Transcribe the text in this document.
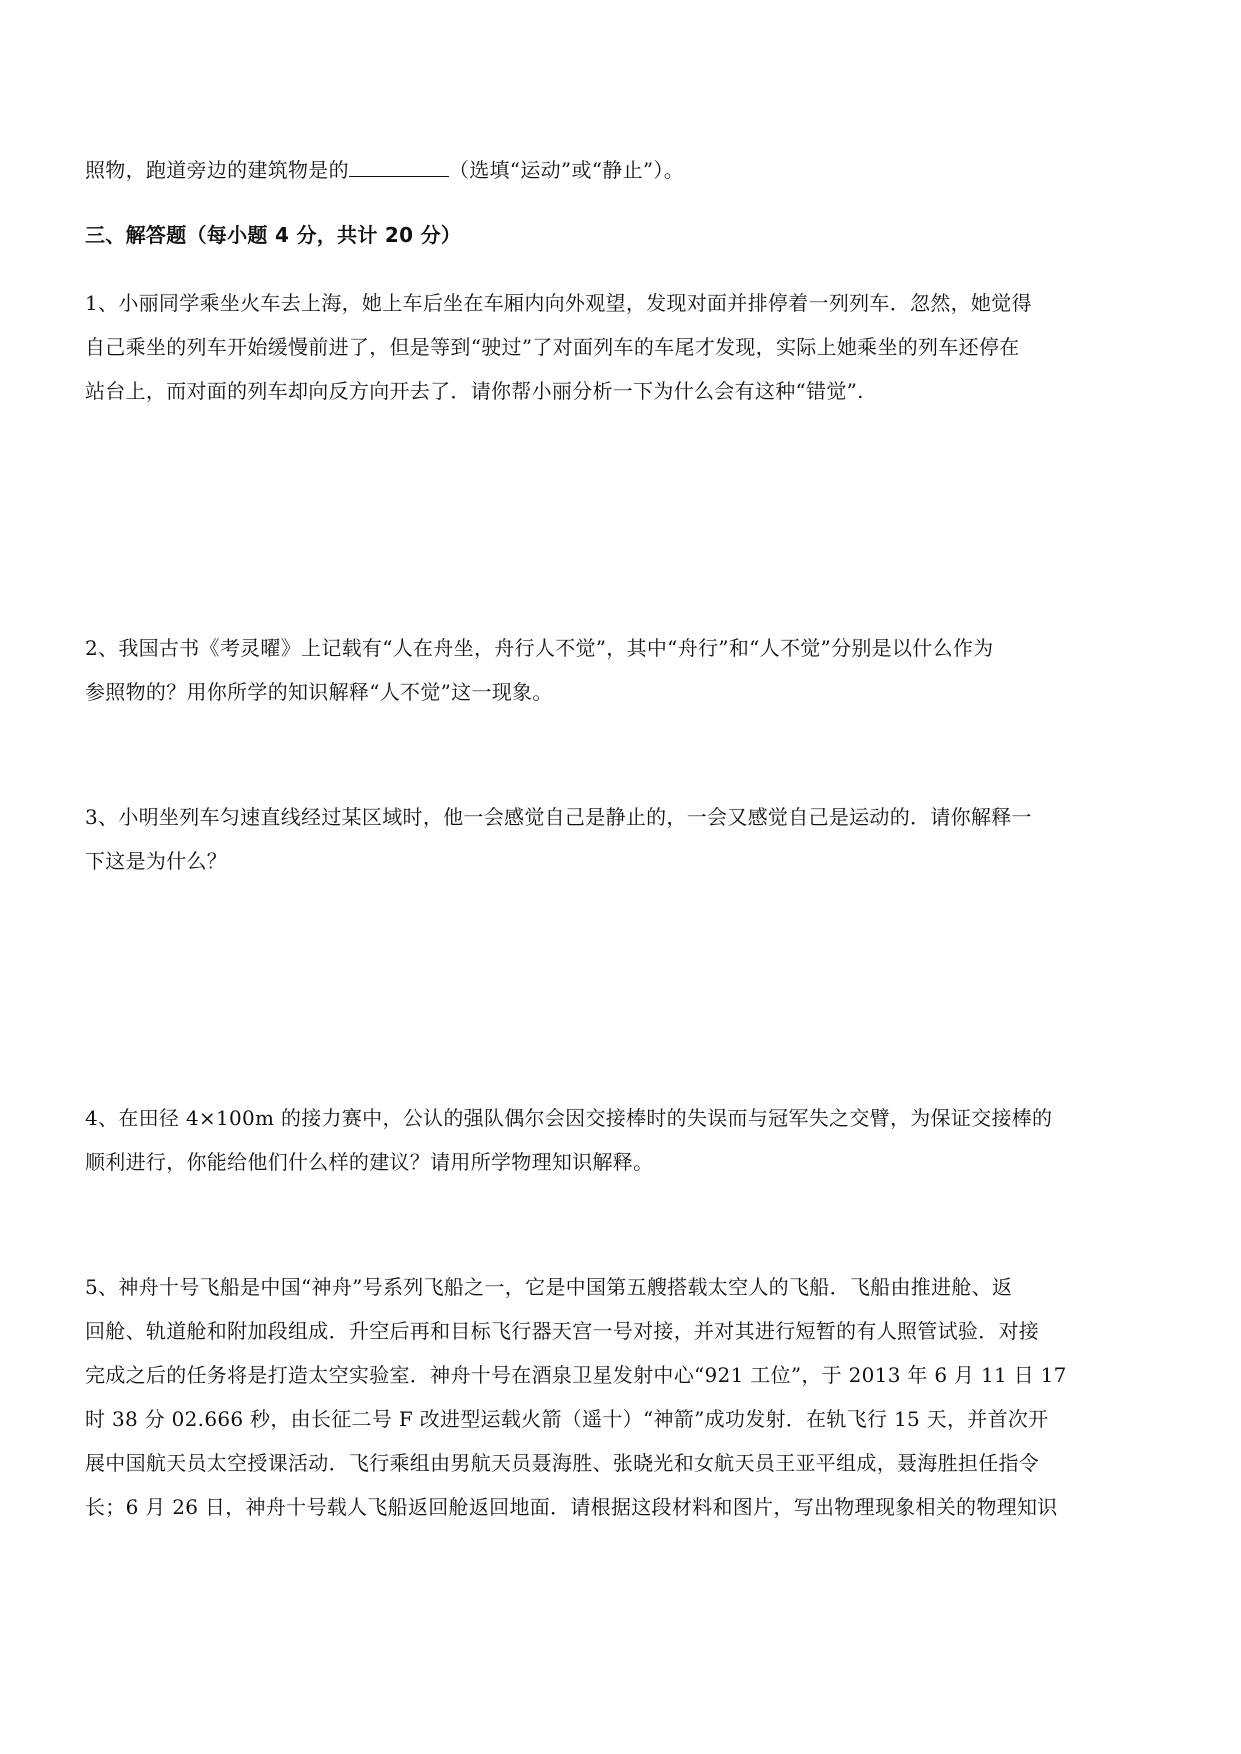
照物，跑道旁边的建筑物是的	（选填“运动”或“静止”）。
三、解答题（每小题 4 分，共计 20 分）
1、小丽同学乘坐火车去上海，她上车后坐在车厢内向外观望，发现对面并排停着一列列车．忽然，她觉得
自己乘坐的列车开始缓慢前进了，但是等到“驶过”了对面列车的车尾才发现，实际上她乘坐的列车还停在
站台上，而对面的列车却向反方向开去了．请你帮小丽分析一下为什么会有这种“错觉”.
2、我国古书《考灵曜》上记载有“人在舟坐，舟行人不觉”，其中“舟行”和“人不觉”分别是以什么作为
参照物的？用你所学的知识解释“人不觉”这一现象。
3、小明坐列车匀速直线经过某区域时，他一会感觉自己是静止的，一会又感觉自己是运动的．请你解释一
下这是为什么？
4、在田径 4×100m 的接力赛中，公认的强队偶尔会因交接棒时的失误而与冠军失之交臂，为保证交接棒的
顺利进行，你能给他们什么样的建议？请用所学物理知识解释。
5、神舟十号飞船是中国“神舟”号系列飞船之一，它是中国第五艘搭载太空人的飞船．飞船由推进舱、返
回舱、轨道舱和附加段组成．升空后再和目标飞行器天宫一号对接，并对其进行短暂的有人照管试验．对接
完成之后的任务将是打造太空实验室．神舟十号在酒泉卫星发射中心“921 工位”，于 2013 年 6 月 11 日 17
时 38 分 02.666 秒，由长征二号 F 改进型运载火箭（遥十）“神箭”成功发射．在轨飞行 15 天，并首次开
展中国航天员太空授课活动．飞行乘组由男航天员聂海胜、张晓光和女航天员王亚平组成，聂海胜担任指令
长；6 月 26 日，神舟十号载人飞船返回舱返回地面．请根据这段材料和图片，写出物理现象相关的物理知识
